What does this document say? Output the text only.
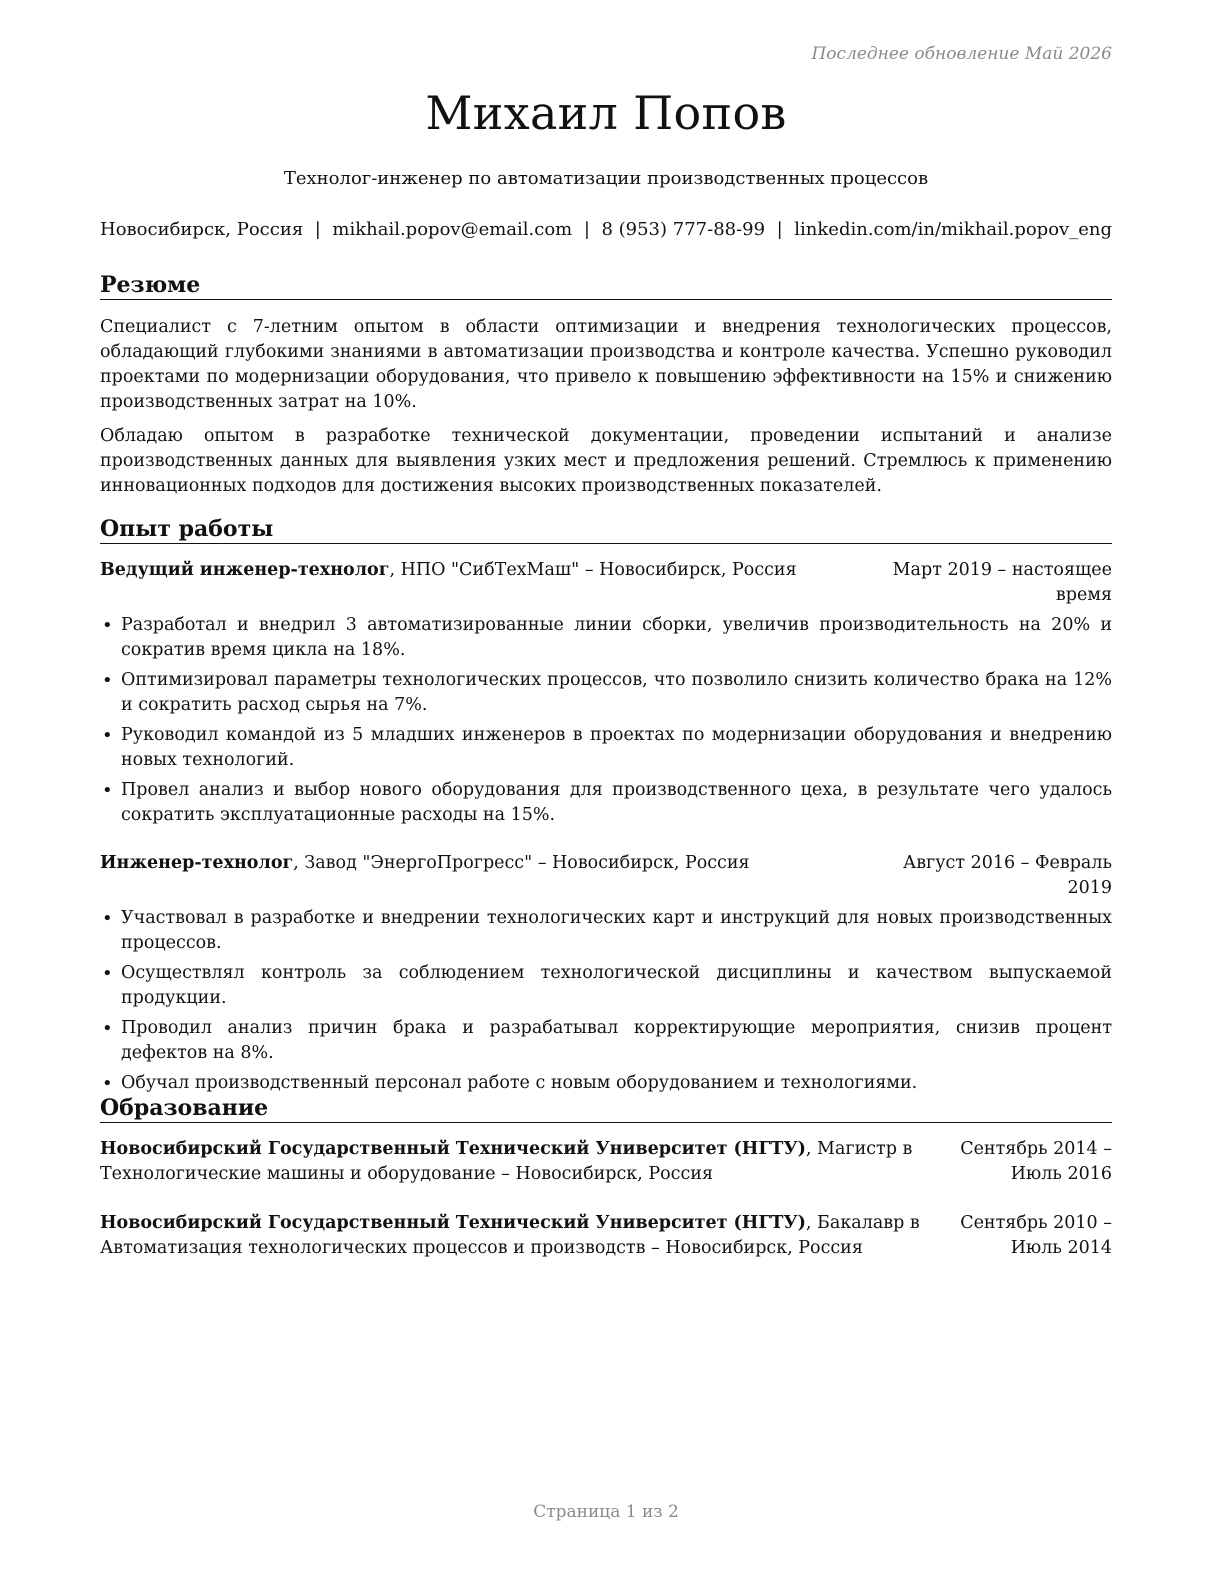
Последнее обновление Май 2026
Михаил Попов
Технолог-инженер по автоматизации производственных процессов
Новосибирск, Россия | mikhail.popov@email.com | 8 (953) 777-88-99 | linkedin.com/in/mikhail.popov_eng
Резюме

Специалист с 7-летним опытом в области оптимизации и внедрения технологических процессов, обладающий глубокими знаниями в автоматизации производства и контроле качества. Успешно руководил проектами по модернизации оборудования, что привело к повышению эффективности на 15% и снижению производственных затрат на 10%.

Обладаю опытом в разработке технической документации, проведении испытаний и анализе производственных данных для выявления узких мест и предложения решений. Стремлюсь к применению инновационных подходов для достижения высоких производственных показателей.

Опыт работы
Ведущий инженер-технолог, НПО "СибТехМаш" – Новосибирск, Россия	Март 2019 – настоящее время
• Разработал и внедрил 3 автоматизированные линии сборки, увеличив производительность на 20% и сократив время цикла на 18%.
• Оптимизировал параметры технологических процессов, что позволило снизить количество брака на 12% и сократить расход сырья на 7%.
• Руководил командой из 5 младших инженеров в проектах по модернизации оборудования и внедрению новых технологий.
• Провел анализ и выбор нового оборудования для производственного цеха, в результате чего удалось сократить эксплуатационные расходы на 15%.
Инженер-технолог, Завод "ЭнергоПрогресс" – Новосибирск, Россия	Август 2016 – Февраль 2019
• Участвовал в разработке и внедрении технологических карт и инструкций для новых производственных процессов.
• Осуществлял контроль за соблюдением технологической дисциплины и качеством выпускаемой продукции.
• Проводил анализ причин брака и разрабатывал корректирующие мероприятия, снизив процент дефектов на 8%.
• Обучал производственный персонал работе с новым оборудованием и технологиями.
Образование
Новосибирский Государственный Технический Университет (НГТУ), Магистр в Технологические машины и оборудование – Новосибирск, Россия
Сентябрь 2014 – Июль 2016
Новосибирский Государственный Технический Университет (НГТУ), Бакалавр в Автоматизация технологических процессов и производств – Новосибирск, Россия
Сентябрь 2010 – Июль 2014
Страница 1 из 2
